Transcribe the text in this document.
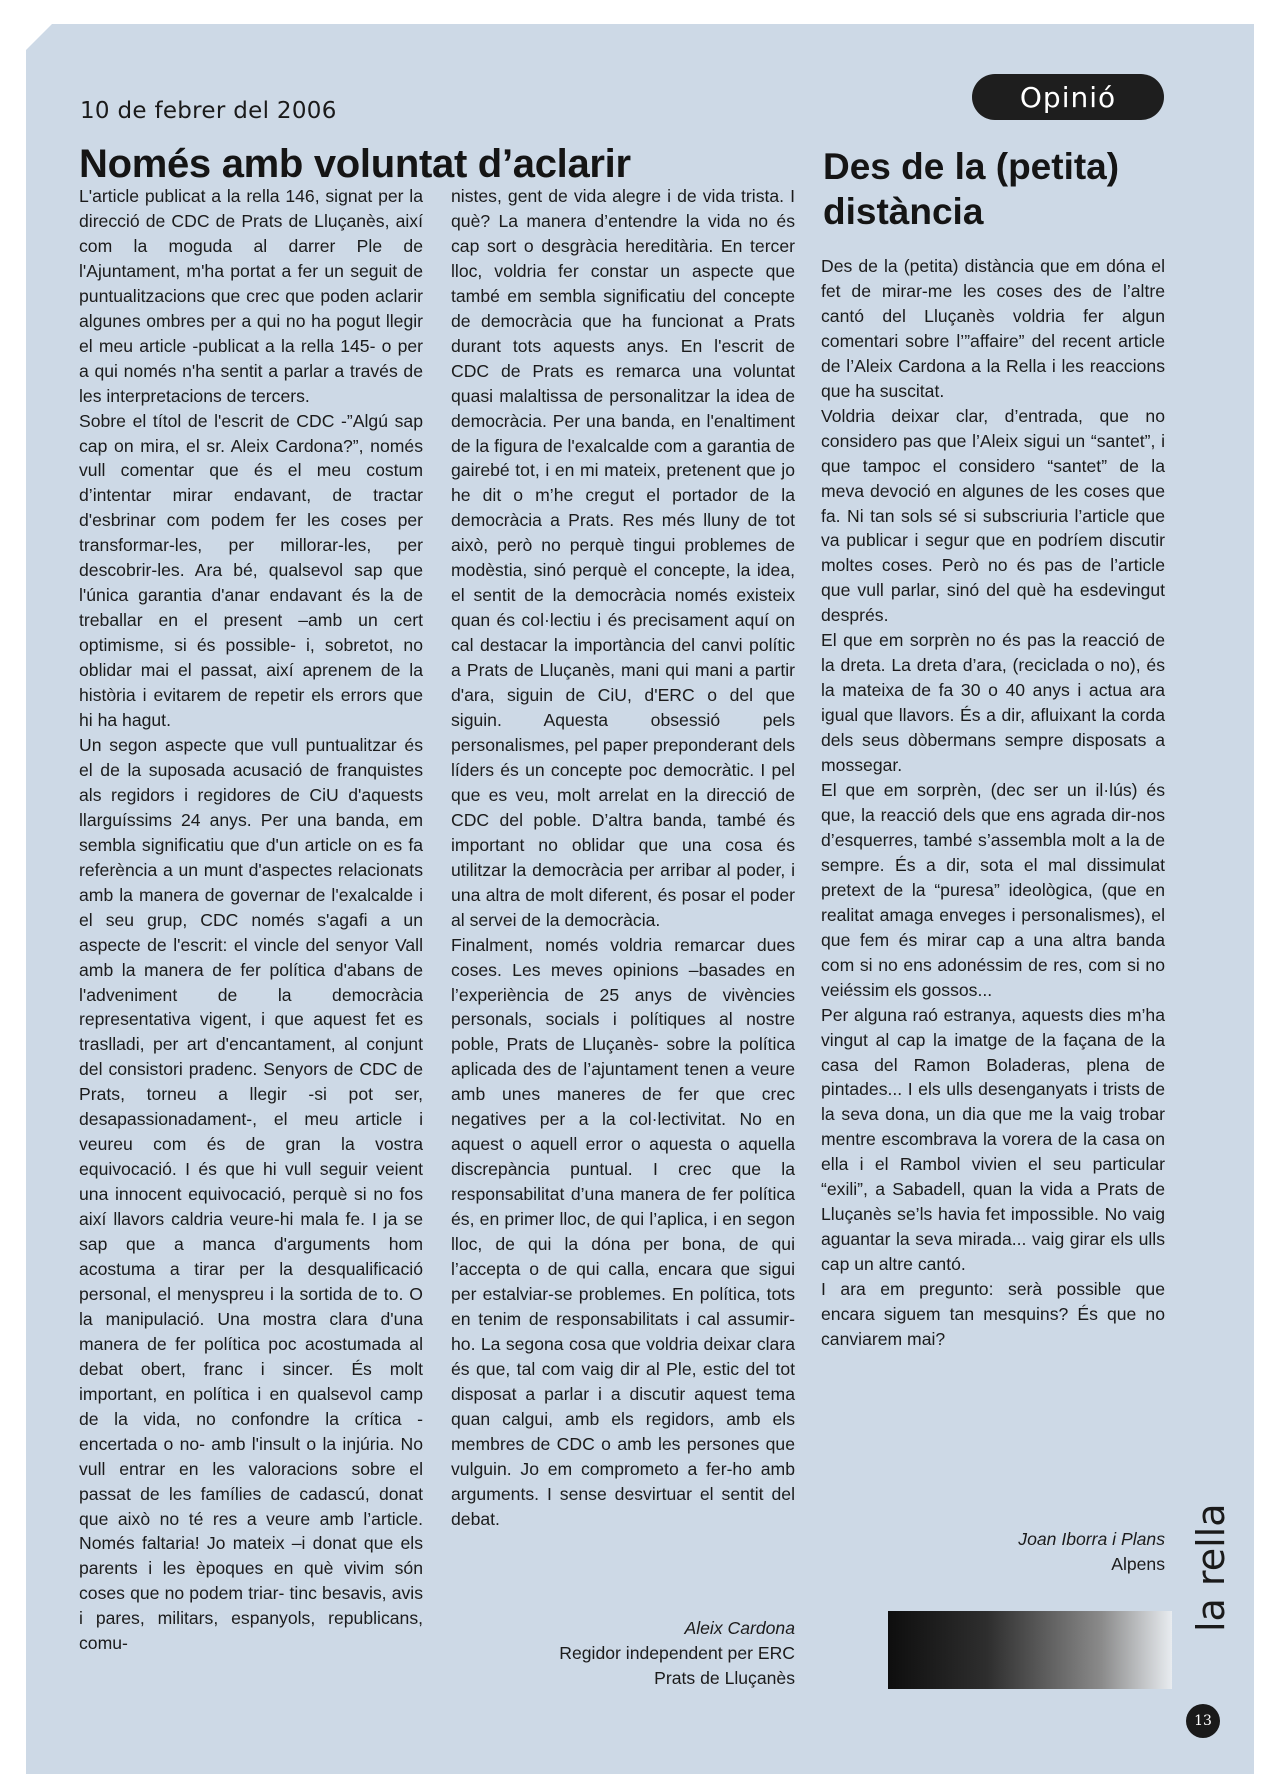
10 de febrer del 2006	Opinió
Només amb voluntat d’aclarir	Des de la (petita) distància

L'article publicat a la rella 146, signat per la direcció de CDC de Prats de Lluçanès, així com la moguda al darrer Ple de l'Ajuntament, m'ha portat a fer un seguit de puntualitzacions que crec que poden aclarir algunes ombres per a qui no ha pogut llegir el meu article -publicat a la rella 145- o per a qui només n'ha sentit a parlar a través de les interpretacions de tercers.

Sobre el títol de l'escrit de CDC -”Algú sap cap on mira, el sr. Aleix Cardona?”, només vull comentar que és el meu costum d’intentar mirar endavant, de tractar d'esbrinar com podem fer les coses per transformar-les, per millorar-les, per descobrir-les. Ara bé, qualsevol sap que l'única garantia d'anar endavant és la de treballar en el present –amb un cert optimisme, si és possible- i, sobretot, no oblidar mai el passat, així aprenem de la història i evitarem de repetir els errors que hi ha hagut.

Un segon aspecte que vull puntualitzar és el de la suposada acusació de franquistes als regidors i regidores de CiU d'aquests llarguíssims 24 anys. Per una banda, em sembla significatiu que d'un article on es fa referència a un munt d'aspectes relacionats amb la manera de governar de l'exalcalde i el seu grup, CDC només s'agafi a un aspecte de l'escrit: el vincle del senyor Vall amb la manera de fer política d'abans de l'adveniment de la democràcia representativa vigent, i que aquest fet es traslladi, per art d'encantament, al conjunt del consistori pradenc. Senyors de CDC de Prats, torneu a llegir -si pot ser, desapassionadament-, el meu article i veureu com és de gran la vostra equivocació. I és que hi vull seguir veient una innocent equivocació, perquè si no fos així llavors caldria veure-hi mala fe. I ja se sap que a manca d'arguments hom acostuma a tirar per la desqualificació personal, el menyspreu i la sortida de to. O la manipulació. Una mostra clara d'una manera de fer política poc acostumada al debat obert, franc i sincer. És molt important, en política i en qualsevol camp de la vida, no confondre la crítica -encertada o no- amb l'insult o la injúria. No vull entrar en les valoracions sobre el passat de les famílies de cadascú, donat que això no té res a veure amb l’article. Només faltaria! Jo mateix –i donat que els parents i les èpoques en què vivim són coses que no podem triar- tinc besavis, avis i pares, militars, espanyols, republicans, comu-

nistes, gent de vida alegre i de vida trista. I què? La manera d’entendre la vida no és cap sort o desgràcia hereditària. En tercer lloc, voldria fer constar un aspecte que també em sembla significatiu del concepte de democràcia que ha funcionat a Prats durant tots aquests anys. En l'escrit de CDC de Prats es remarca una voluntat quasi malaltissa de personalitzar la idea de democràcia. Per una banda, en l'enaltiment de la figura de l'exalcalde com a garantia de gairebé tot, i en mi mateix, pretenent que jo he dit o m’he cregut el portador de la democràcia a Prats. Res més lluny de tot això, però no perquè tingui problemes de modèstia, sinó perquè el concepte, la idea, el sentit de la democràcia només existeix quan és col·lectiu i és precisament aquí on cal destacar la importància del canvi polític a Prats de Lluçanès, mani qui mani a partir d'ara, siguin de CiU, d'ERC o del que siguin. Aquesta obsessió pels personalismes, pel paper preponderant dels líders és un concepte poc democràtic. I pel que es veu, molt arrelat en la direcció de CDC del poble. D’altra banda, també és important no oblidar que una cosa és utilitzar la democràcia per arribar al poder, i una altra de molt diferent, és posar el poder al servei de la democràcia.

Finalment, només voldria remarcar dues coses. Les meves opinions –basades en l’experiència de 25 anys de vivències personals, socials i polítiques al nostre poble, Prats de Lluçanès- sobre la política aplicada des de l’ajuntament tenen a veure amb unes maneres de fer que crec negatives per a la col·lectivitat. No en aquest o aquell error o aquesta o aquella discrepància puntual. I crec que la responsabilitat d’una manera de fer política és, en primer lloc, de qui l’aplica, i en segon lloc, de qui la dóna per bona, de qui l’accepta o de qui calla, encara que sigui per estalviar-se problemes. En política, tots en tenim de responsabilitats i cal assumir-ho. La segona cosa que voldria deixar clara és que, tal com vaig dir al Ple, estic del tot disposat a parlar i a discutir aquest tema quan calgui, amb els regidors, amb els membres de CDC o amb les persones que vulguin. Jo em comprometo a fer-ho amb arguments. I sense desvirtuar el sentit del debat.

Aleix Cardona
Regidor independent per ERC
Prats de Lluçanès

Des de la (petita) distància que em dóna el fet de mirar-me les coses des de l’altre cantó del Lluçanès voldria fer algun comentari sobre l’”affaire” del recent article de l’Aleix Cardona a la Rella i les reaccions que ha suscitat.

Voldria deixar clar, d’entrada, que no considero pas que l’Aleix sigui un “santet”, i que tampoc el considero “santet” de la meva devoció en algunes de les coses que fa. Ni tan sols sé si subscriuria l’article que va publicar i segur que en podríem discutir moltes coses. Però no és pas de l’article que vull parlar, sinó del què ha esdevingut després.

El que em sorprèn no és pas la reacció de la dreta. La dreta d’ara, (reciclada o no), és la mateixa de fa 30 o 40 anys i actua ara igual que llavors. És a dir, afluixant la corda dels seus dòbermans sempre disposats a mossegar.

El que em sorprèn, (dec ser un il·lús) és que, la reacció dels que ens agrada dir-nos d’esquerres, també s’assembla molt a la de sempre. És a dir, sota el mal dissimulat pretext de la “puresa” ideològica, (que en realitat amaga enveges i personalismes), el que fem és mirar cap a una altra banda com si no ens adonéssim de res, com si no veiéssim els gossos...

Per alguna raó estranya, aquests dies m’ha vingut al cap la imatge de la façana de la casa del Ramon Boladeras, plena de pintades... I els ulls desenganyats i trists de la seva dona, un dia que me la vaig trobar mentre escombrava la vorera de la casa on ella i el Rambol vivien el seu particular “exili”, a Sabadell, quan la vida a Prats de Lluçanès se’ls havia fet impossible. No vaig aguantar la seva mirada... vaig girar els ulls cap un altre cantó.

I ara em pregunto: serà possible que encara siguem tan mesquins? És que no canviarem mai?

Joan Iborra i Plans
Alpens la rella
13
